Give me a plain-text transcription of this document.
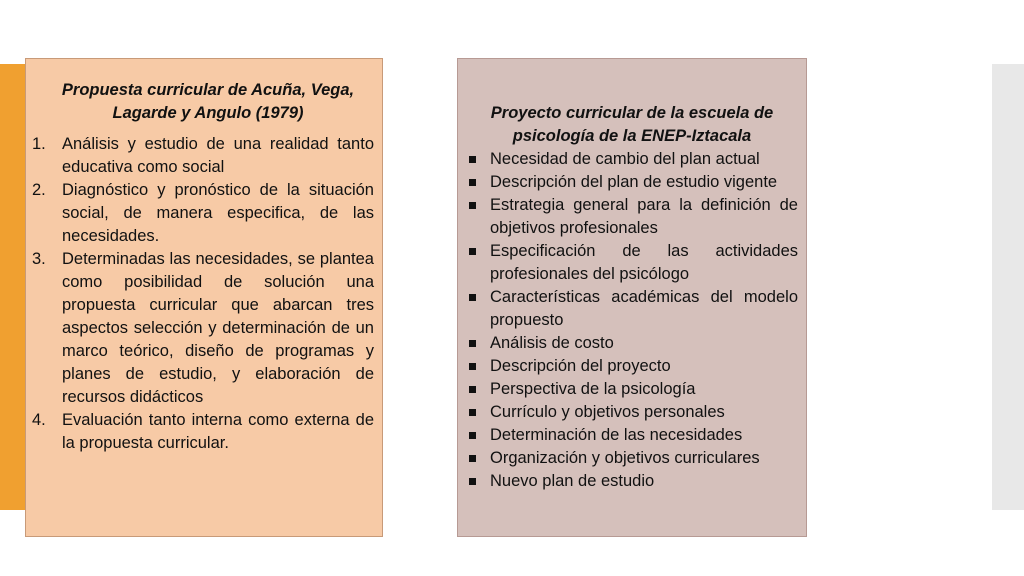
Propuesta curricular de Acuña, Vega, Lagarde y Angulo (1979)
1. Análisis y estudio de una realidad tanto educativa como social
2. Diagnóstico y pronóstico de la situación social, de manera especifica, de las necesidades.
3. Determinadas las necesidades, se plantea como posibilidad de solución una propuesta curricular que abarcan tres aspectos selección y determinación de un marco teórico, diseño de programas y planes de estudio, y elaboración de recursos didácticos
4. Evaluación tanto interna como externa de la propuesta curricular.
Proyecto curricular de la escuela de psicología de la ENEP-Iztacala
Necesidad de cambio del plan actual
Descripción del plan de estudio vigente
Estrategia general para la definición de objetivos profesionales
Especificación de las actividades profesionales del psicólogo
Características académicas del modelo propuesto
Análisis de costo
Descripción del proyecto
Perspectiva de la psicología
Currículo y objetivos personales
Determinación de las necesidades
Organización y objetivos curriculares
Nuevo plan de estudio
